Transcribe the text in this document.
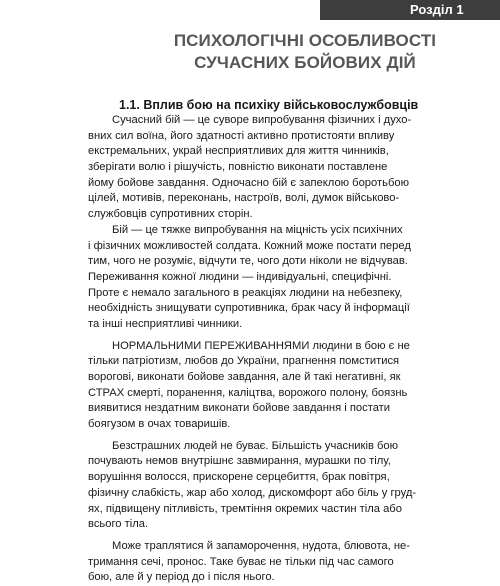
Розділ 1
ПСИХОЛОГІЧНІ ОСОБЛИВОСТІ
СУЧАСНИХ БОЙОВИХ ДІЙ
1.1. Вплив бою на психіку військовослужбовців
Сучасний бій — це суворе випробування фізичних і духо-
вних сил воїна, його здатності активно протистояти впливу
екстремальних, украй несприятливих для життя чинників,
зберігати волю і рішучість, повністю виконати поставлене
йому бойове завдання. Одночасно бій є запеклою боротьбою
цілей, мотивів, переконань, настроїв, волі, думок військово-
службовців супротивних сторін.
Бій — це тяжке випробування на міцність усіх психічних
і фізичних можливостей солдата. Кожний може постати перед
тим, чого не розуміє, відчути те, чого доти ніколи не відчував.
Переживання кожної людини — індивідуальні, специфічні.
Проте є немало загального в реакціях людини на небезпеку,
необхідність знищувати супротивника, брак часу й інформації
та інші несприятливі чинники.
НОРМАЛЬНИМИ ПЕРЕЖИВАННЯМИ людини в бою є не
тільки патріотизм, любов до України, прагнення помститися
ворогові, виконати бойове завдання, але й такі негативні, як
СТРАХ смерті, поранення, каліцтва, ворожого полону, боязнь
виявитися нездатним виконати бойове завдання і постати
боягузом в очах товаришів.
Безстрашних людей не буває. Більшість учасників бою
почувають немов внутрішнє завмирання, мурашки по тілу,
ворушіння волосся, прискорене серцебиття, брак повітря,
фізичну слабкість, жар або холод, дискомфорт або біль у груд-
ях, підвищену пітливість, тремтіння окремих частин тіла або
всього тіла.
Може траплятися й запаморочення, нудота, блювота, не-
тримання сечі, пронос. Таке буває не тільки під час самого
бою, але й у період до і після нього.
